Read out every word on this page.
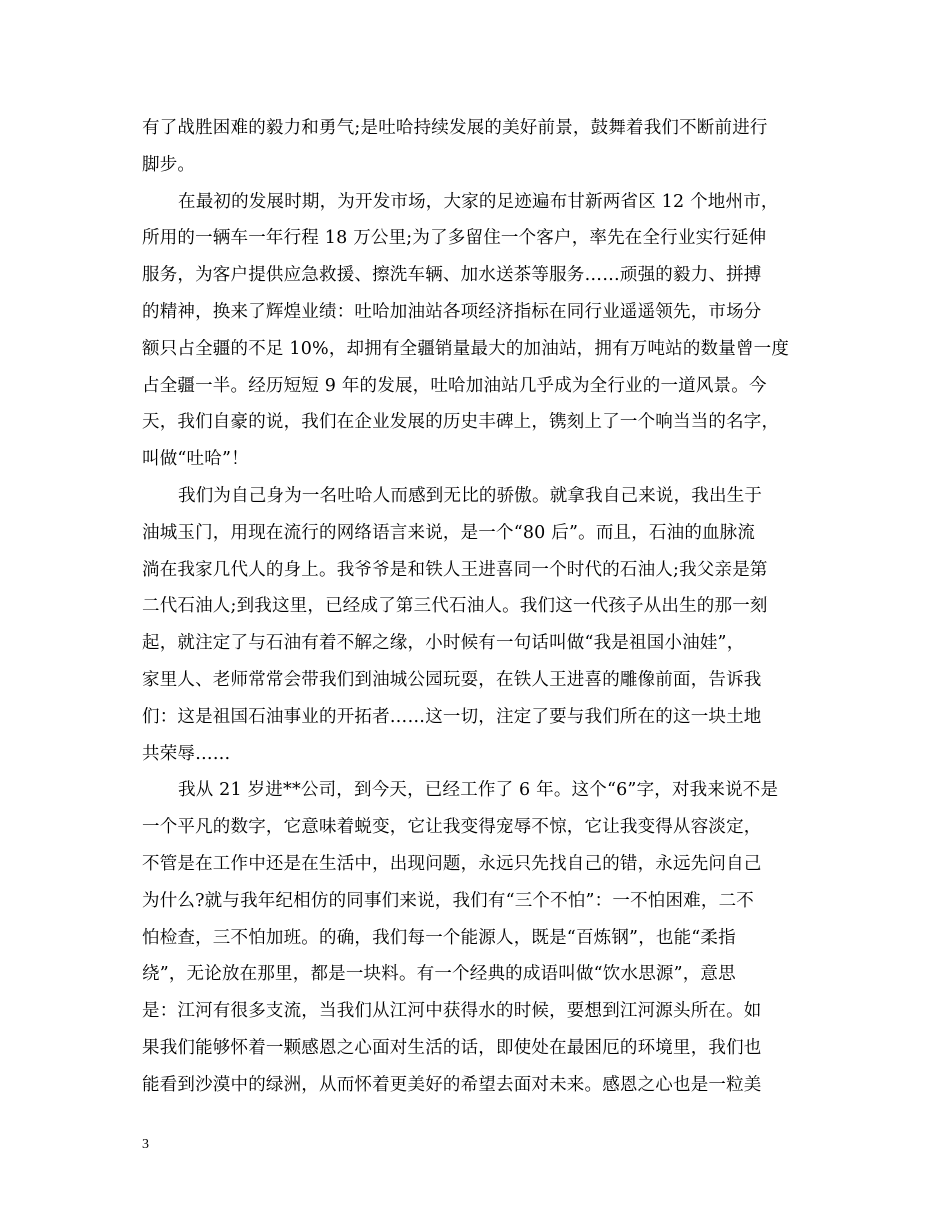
有了战胜困难的毅力和勇气;是吐哈持续发展的美好前景，鼓舞着我们不断前进行
脚步。
在最初的发展时期，为开发市场，大家的足迹遍布甘新两省区 12 个地州市，
所用的一辆车一年行程 18 万公里;为了多留住一个客户，率先在全行业实行延伸
服务，为客户提供应急救援、擦洗车辆、加水送茶等服务……顽强的毅力、拼搏
的精神，换来了辉煌业绩：吐哈加油站各项经济指标在同行业遥遥领先，市场分
额只占全疆的不足 10%，却拥有全疆销量最大的加油站，拥有万吨站的数量曾一度
占全疆一半。经历短短 9 年的发展，吐哈加油站几乎成为全行业的一道风景。今
天，我们自豪的说，我们在企业发展的历史丰碑上，镌刻上了一个响当当的名字，
叫做“吐哈”！
我们为自己身为一名吐哈人而感到无比的骄傲。就拿我自己来说，我出生于
油城玉门，用现在流行的网络语言来说，是一个“80 后”。而且，石油的血脉流
淌在我家几代人的身上。我爷爷是和铁人王进喜同一个时代的石油人;我父亲是第
二代石油人;到我这里，已经成了第三代石油人。我们这一代孩子从出生的那一刻
起，就注定了与石油有着不解之缘，小时候有一句话叫做“我是祖国小油娃”，
家里人、老师常常会带我们到油城公园玩耍，在铁人王进喜的雕像前面，告诉我
们：这是祖国石油事业的开拓者……这一切，注定了要与我们所在的这一块土地
共荣辱……
我从 21 岁进**公司，到今天，已经工作了 6 年。这个“6”字，对我来说不是
一个平凡的数字，它意味着蜕变，它让我变得宠辱不惊，它让我变得从容淡定，
不管是在工作中还是在生活中，出现问题，永远只先找自己的错，永远先问自己
为什么?就与我年纪相仿的同事们来说，我们有“三个不怕”：一不怕困难，二不
怕检查，三不怕加班。的确，我们每一个能源人，既是“百炼钢”，也能“柔指
绕”，无论放在那里，都是一块料。有一个经典的成语叫做“饮水思源”，意思
是：江河有很多支流，当我们从江河中获得水的时候，要想到江河源头所在。如
果我们能够怀着一颗感恩之心面对生活的话，即使处在最困厄的环境里，我们也
能看到沙漠中的绿洲，从而怀着更美好的希望去面对未来。感恩之心也是一粒美
3
